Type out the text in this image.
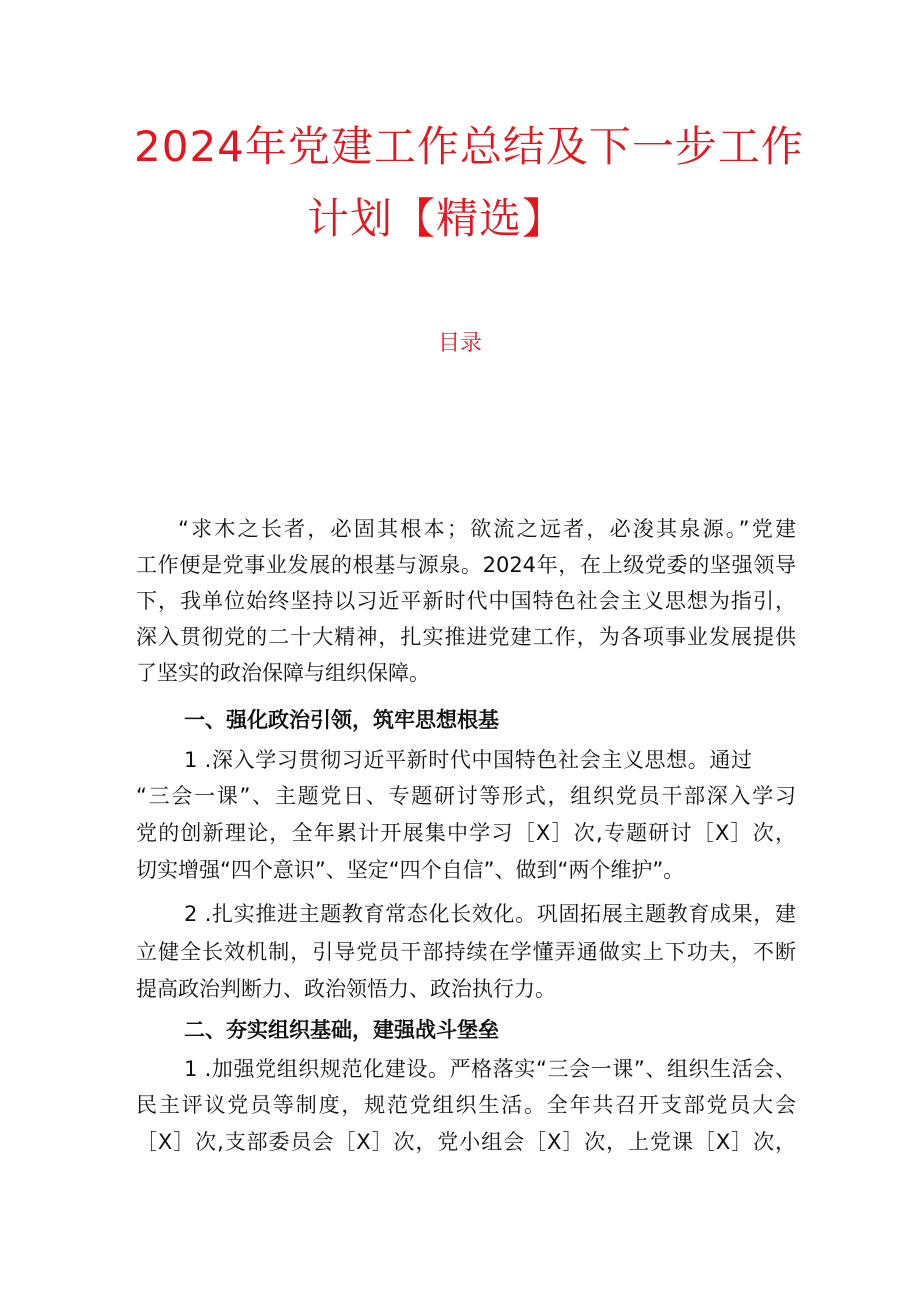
2024年党建工作总结及下一步工作
计划【精选】
目录
“求木之长者，必固其根本；欲流之远者，必浚其泉源。”党建
工作便是党事业发展的根基与源泉。2024年，在上级党委的坚强领导
下，我单位始终坚持以习近平新时代中国特色社会主义思想为指引，
深入贯彻党的二十大精神，扎实推进党建工作，为各项事业发展提供
了坚实的政治保障与组织保障。
一、强化政治引领，筑牢思想根基
1 .深入学习贯彻习近平新时代中国特色社会主义思想。通过
“三会一课”、主题党日、专题研讨等形式，组织党员干部深入学习
党的创新理论，全年累计开展集中学习［X］次,专题研讨［X］次，
切实增强“四个意识”、坚定“四个自信”、做到“两个维护”。
2 .扎实推进主题教育常态化长效化。巩固拓展主题教育成果，建
立健全长效机制，引导党员干部持续在学懂弄通做实上下功夫，不断
提高政治判断力、政治领悟力、政治执行力。
二、夯实组织基础，建强战斗堡垒
1 .加强党组织规范化建设。严格落实“三会一课”、组织生活会、
民主评议党员等制度，规范党组织生活。全年共召开支部党员大会
［X］次,支部委员会［X］次，党小组会［X］次，上党课［X］次，
